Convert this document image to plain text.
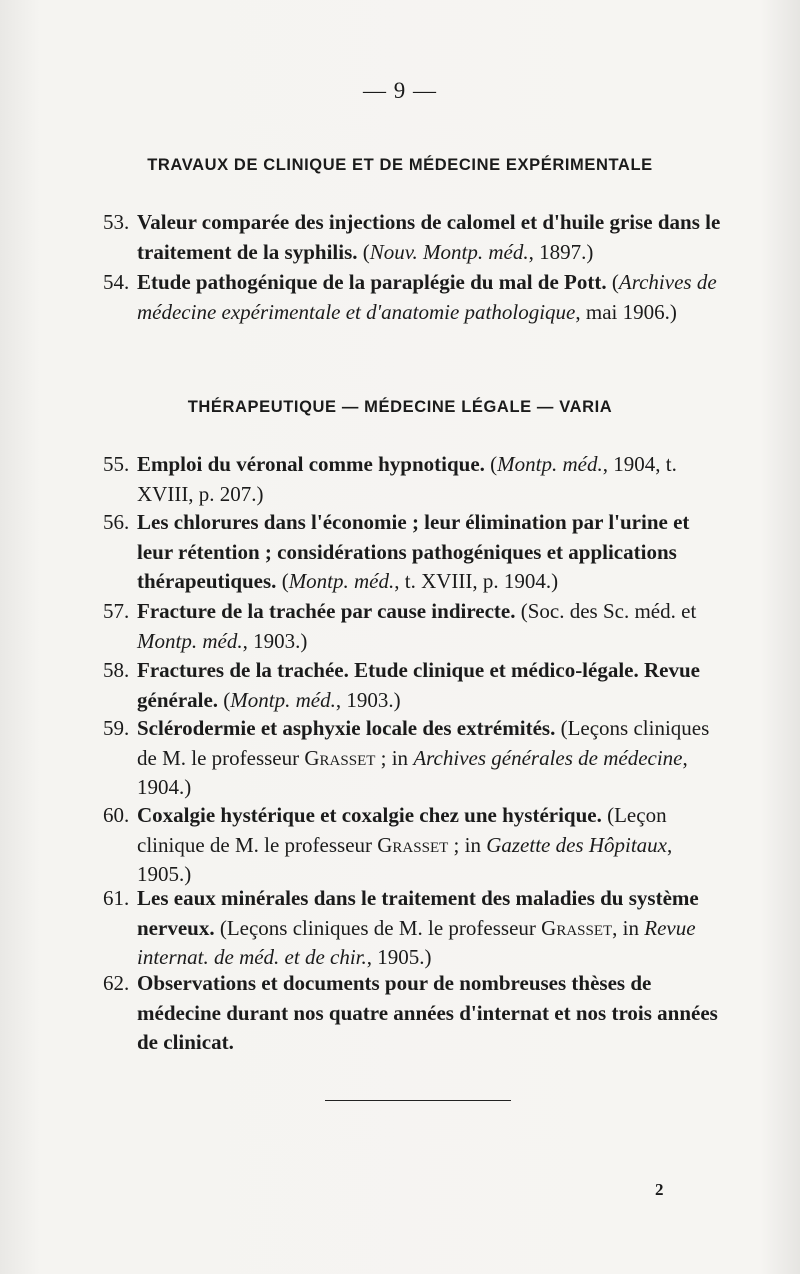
— 9 —
TRAVAUX DE CLINIQUE ET DE MÉDECINE EXPÉRIMENTALE
53. Valeur comparée des injections de calomel et d'huile grise dans le traitement de la syphilis. (Nouv. Montp. méd., 1897.)
54. Etude pathogénique de la paraplégie du mal de Pott. (Archives de médecine expérimentale et d'anatomie pathologique, mai 1906.)
THÉRAPEUTIQUE — MÉDECINE LÉGALE — VARIA
55. Emploi du véronal comme hypnotique. (Montp. méd., 1904, t. XVIII, p. 207.)
56. Les chlorures dans l'économie ; leur élimination par l'urine et leur rétention ; considérations pathogéniques et applications thérapeutiques. (Montp. méd., t. XVIII, p. 1904.)
57. Fracture de la trachée par cause indirecte. (Soc. des Sc. méd. et Montp. méd., 1903.)
58. Fractures de la trachée. Etude clinique et médico-légale. Revue générale. (Montp. méd., 1903.)
59. Sclérodermie et asphyxie locale des extrémités. (Leçons cliniques de M. le professeur Grasset ; in Archives générales de médecine, 1904.)
60. Coxalgie hystérique et coxalgie chez une hystérique. (Leçon clinique de M. le professeur Grasset ; in Gazette des Hôpitaux, 1905.)
61. Les eaux minérales dans le traitement des maladies du système nerveux. (Leçons cliniques de M. le professeur Grasset, in Revue internat. de méd. et de chir., 1905.)
62. Observations et documents pour de nombreuses thèses de médecine durant nos quatre années d'internat et nos trois années de clinicat.
2
